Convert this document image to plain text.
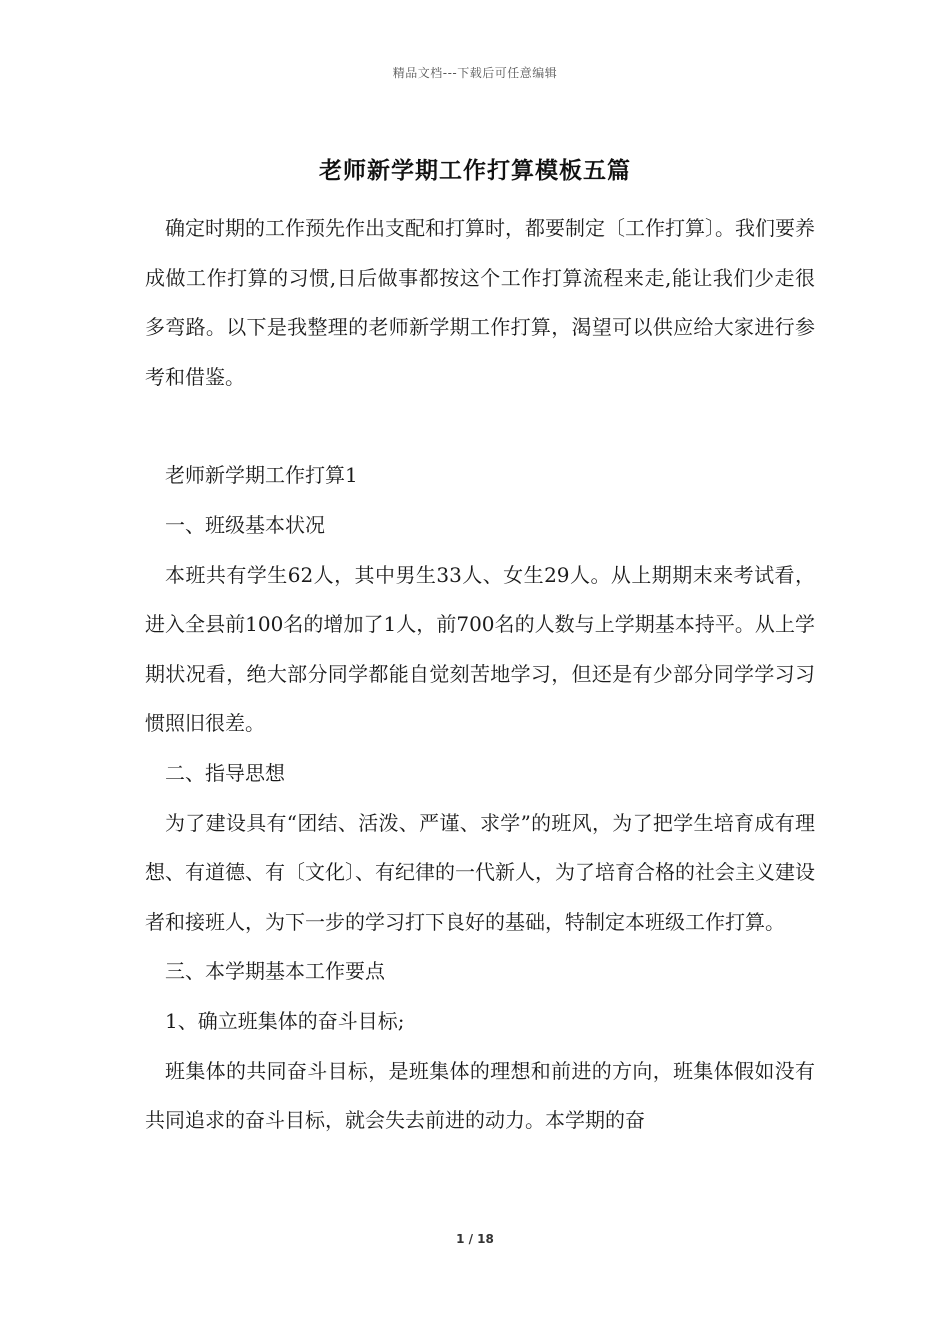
精品文档---下载后可任意编辑
老师新学期工作打算模板五篇

确定时期的工作预先作出支配和打算时，都要制定〔工作打算〕。我们要养成做工作打算的习惯,日后做事都按这个工作打算流程来走,能让我们少走很多弯路。以下是我整理的老师新学期工作打算，渴望可以供应给大家进行参考和借鉴。

老师新学期工作打算1

一、班级基本状况

本班共有学生62人，其中男生33人、女生29人。从上期期末来考试看，进入全县前100名的增加了1人，前700名的人数与上学期基本持平。从上学期状况看，绝大部分同学都能自觉刻苦地学习，但还是有少部分同学学习习惯照旧很差。

二、指导思想

为了建设具有“团结、活泼、严谨、求学”的班风，为了把学生培育成有理想、有道德、有〔文化〕、有纪律的一代新人，为了培育合格的社会主义建设者和接班人，为下一步的学习打下良好的基础，特制定本班级工作打算。

三、本学期基本工作要点

1、确立班集体的奋斗目标;

班集体的共同奋斗目标，是班集体的理想和前进的方向，班集体假如没有共同追求的奋斗目标，就会失去前进的动力。本学期的奋

1 / 18
